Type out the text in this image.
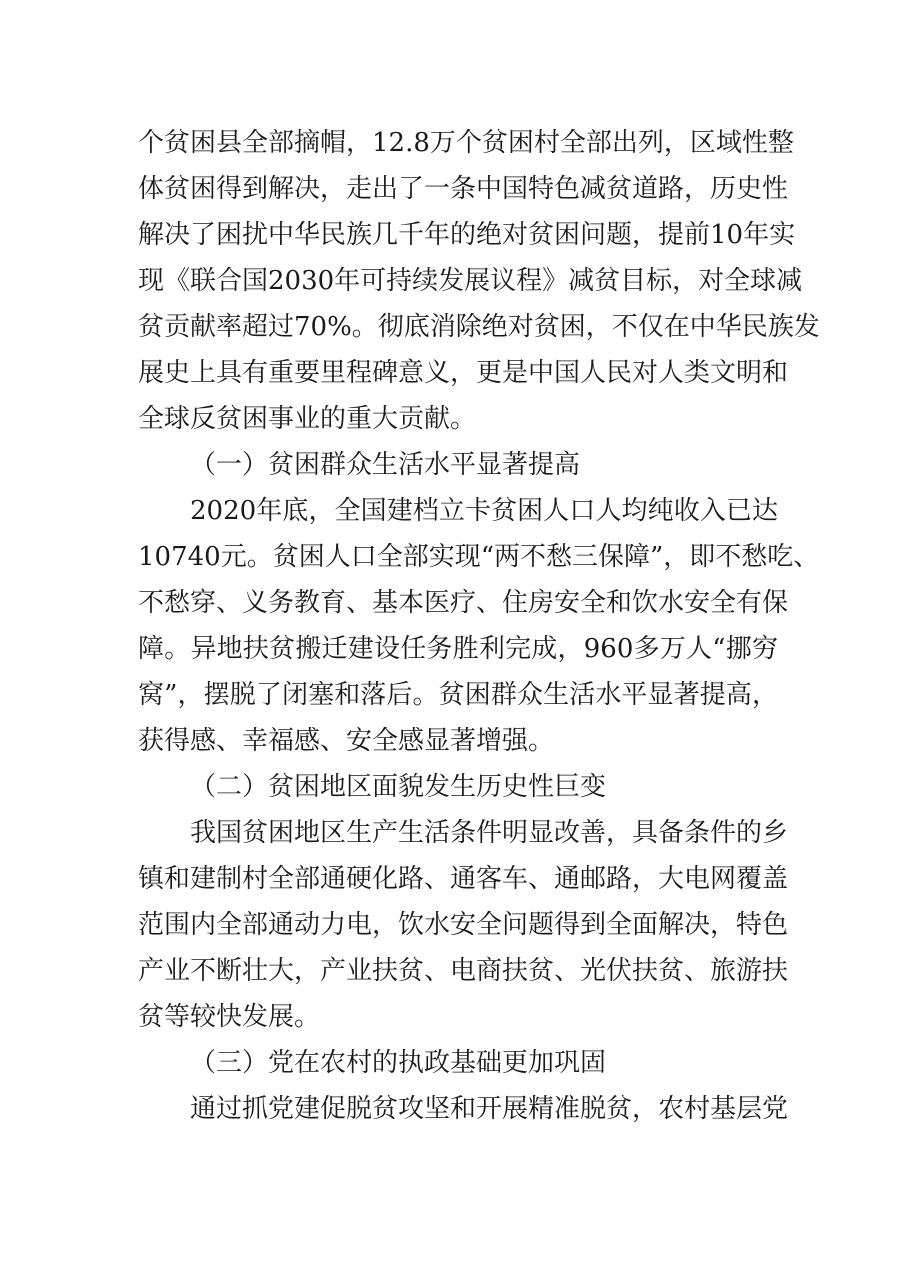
个贫困县全部摘帽，12.8万个贫困村全部出列，区域性整
体贫困得到解决，走出了一条中国特色减贫道路，历史性
解决了困扰中华民族几千年的绝对贫困问题，提前10年实
现《联合国2030年可持续发展议程》减贫目标，对全球减
贫贡献率超过70%。彻底消除绝对贫困，不仅在中华民族发
展史上具有重要里程碑意义，更是中国人民对人类文明和
全球反贫困事业的重大贡献。
（一）贫困群众生活水平显著提高
2020年底，全国建档立卡贫困人口人均纯收入已达
10740元。贫困人口全部实现“两不愁三保障”，即不愁吃、
不愁穿、义务教育、基本医疗、住房安全和饮水安全有保
障。异地扶贫搬迁建设任务胜利完成，960多万人“挪穷
窝”，摆脱了闭塞和落后。贫困群众生活水平显著提高，
获得感、幸福感、安全感显著增强。
（二）贫困地区面貌发生历史性巨变
我国贫困地区生产生活条件明显改善，具备条件的乡
镇和建制村全部通硬化路、通客车、通邮路，大电网覆盖
范围内全部通动力电，饮水安全问题得到全面解决，特色
产业不断壮大，产业扶贫、电商扶贫、光伏扶贫、旅游扶
贫等较快发展。
（三）党在农村的执政基础更加巩固
通过抓党建促脱贫攻坚和开展精准脱贫，农村基层党
